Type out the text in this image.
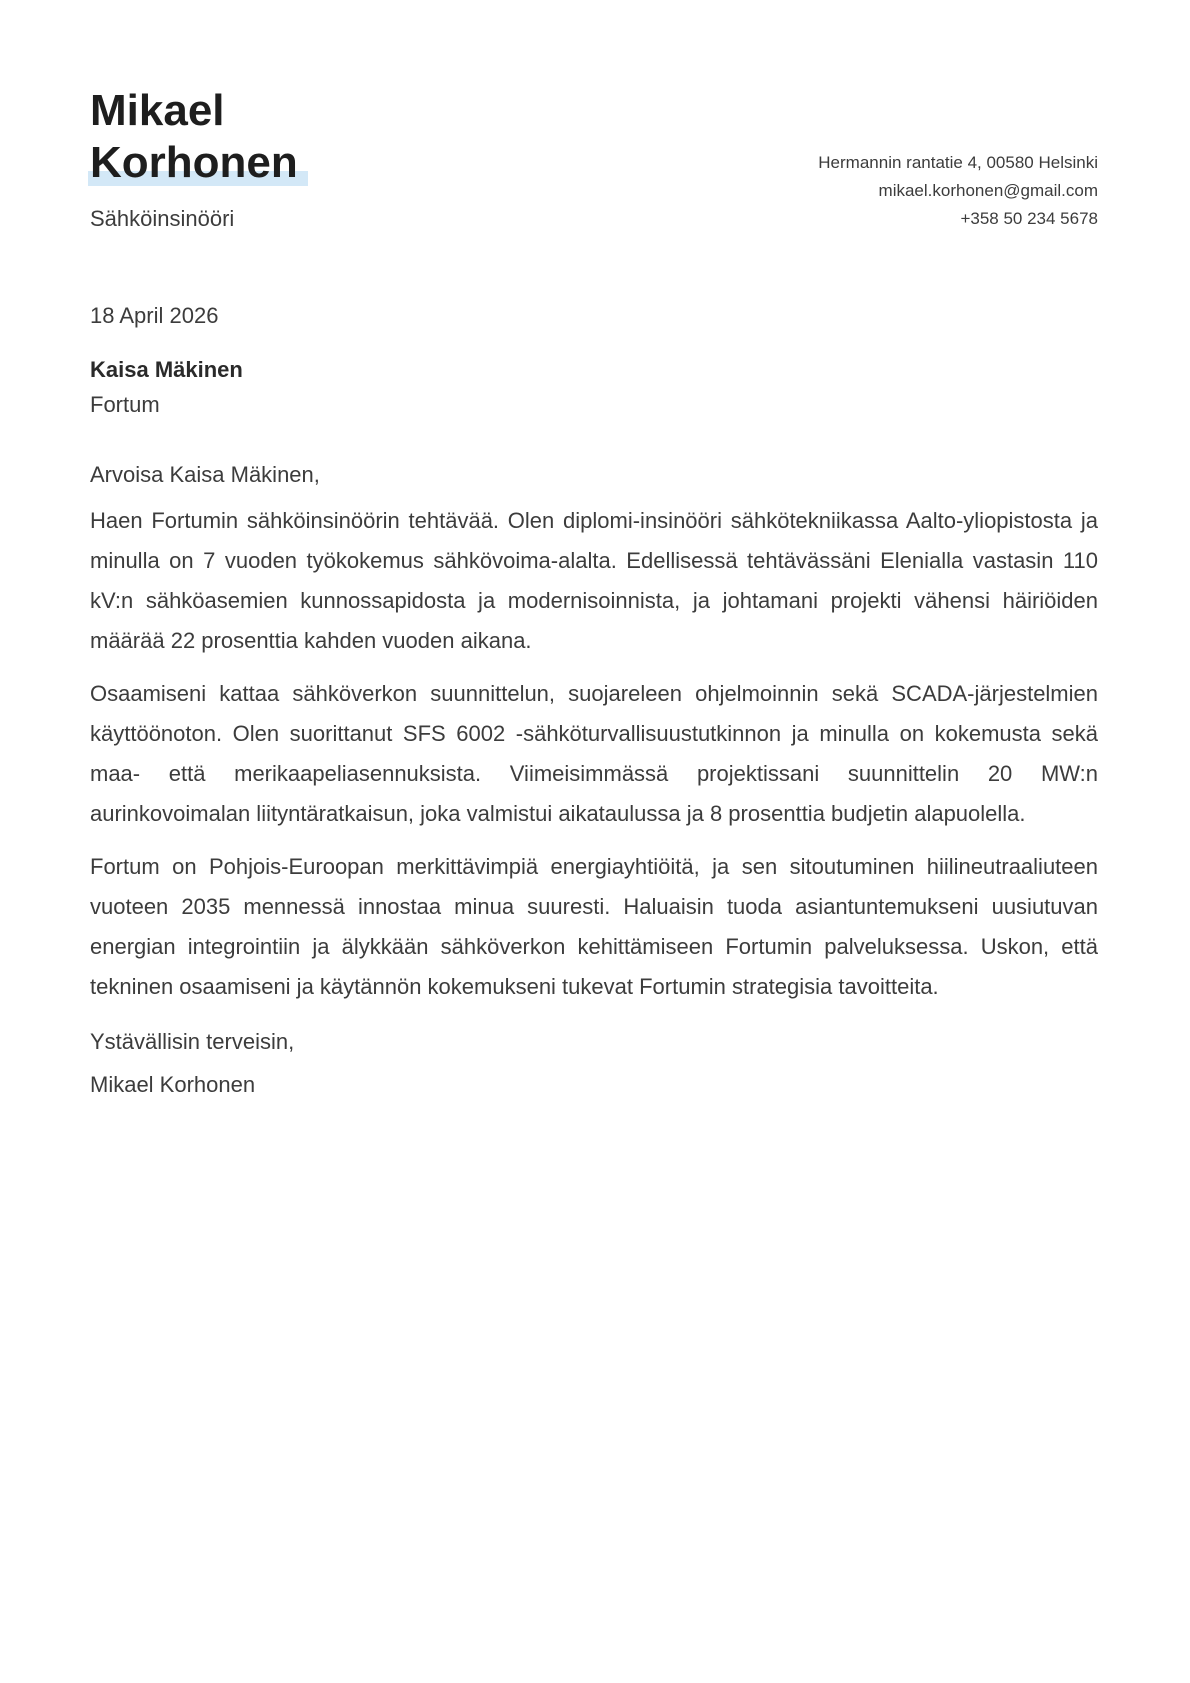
Mikael
Korhonen
Sähköinsinööri
Hermannin rantatie 4, 00580 Helsinki
mikael.korhonen@gmail.com
+358 50 234 5678
18 April 2026
Kaisa Mäkinen
Fortum
Arvoisa Kaisa Mäkinen,

Haen Fortumin sähköinsinöörin tehtävää. Olen diplomi-insinööri sähkötekniikassa Aalto-yliopistosta ja minulla on 7 vuoden työkokemus sähkövoima-alalta. Edellisessä tehtävässäni Elenialla vastasin 110 kV:n sähköasemien kunnossapidosta ja modernisoinnista, ja johtamani projekti vähensi häiriöiden määrää 22 prosenttia kahden vuoden aikana.

Osaamiseni kattaa sähköverkon suunnittelun, suojareleen ohjelmoinnin sekä SCADA-järjestelmien käyttöönoton. Olen suorittanut SFS 6002 -sähköturvallisuustutkinnon ja minulla on kokemusta sekä maa- että merikaapeliasennuksista. Viimeisimmässä projektissani suunnittelin 20 MW:n aurinkovoimalan liityntäratkaisun, joka valmistui aikataulussa ja 8 prosenttia budjetin alapuolella.

Fortum on Pohjois-Euroopan merkittävimpiä energiayhtiöitä, ja sen sitoutuminen hiilineutraaliuteen vuoteen 2035 mennessä innostaa minua suuresti. Haluaisin tuoda asiantuntemukseni uusiutuvan energian integrointiin ja älykkään sähköverkon kehittämiseen Fortumin palveluksessa. Uskon, että tekninen osaamiseni ja käytännön kokemukseni tukevat Fortumin strategisia tavoitteita.

Ystävällisin terveisin,
Mikael Korhonen
